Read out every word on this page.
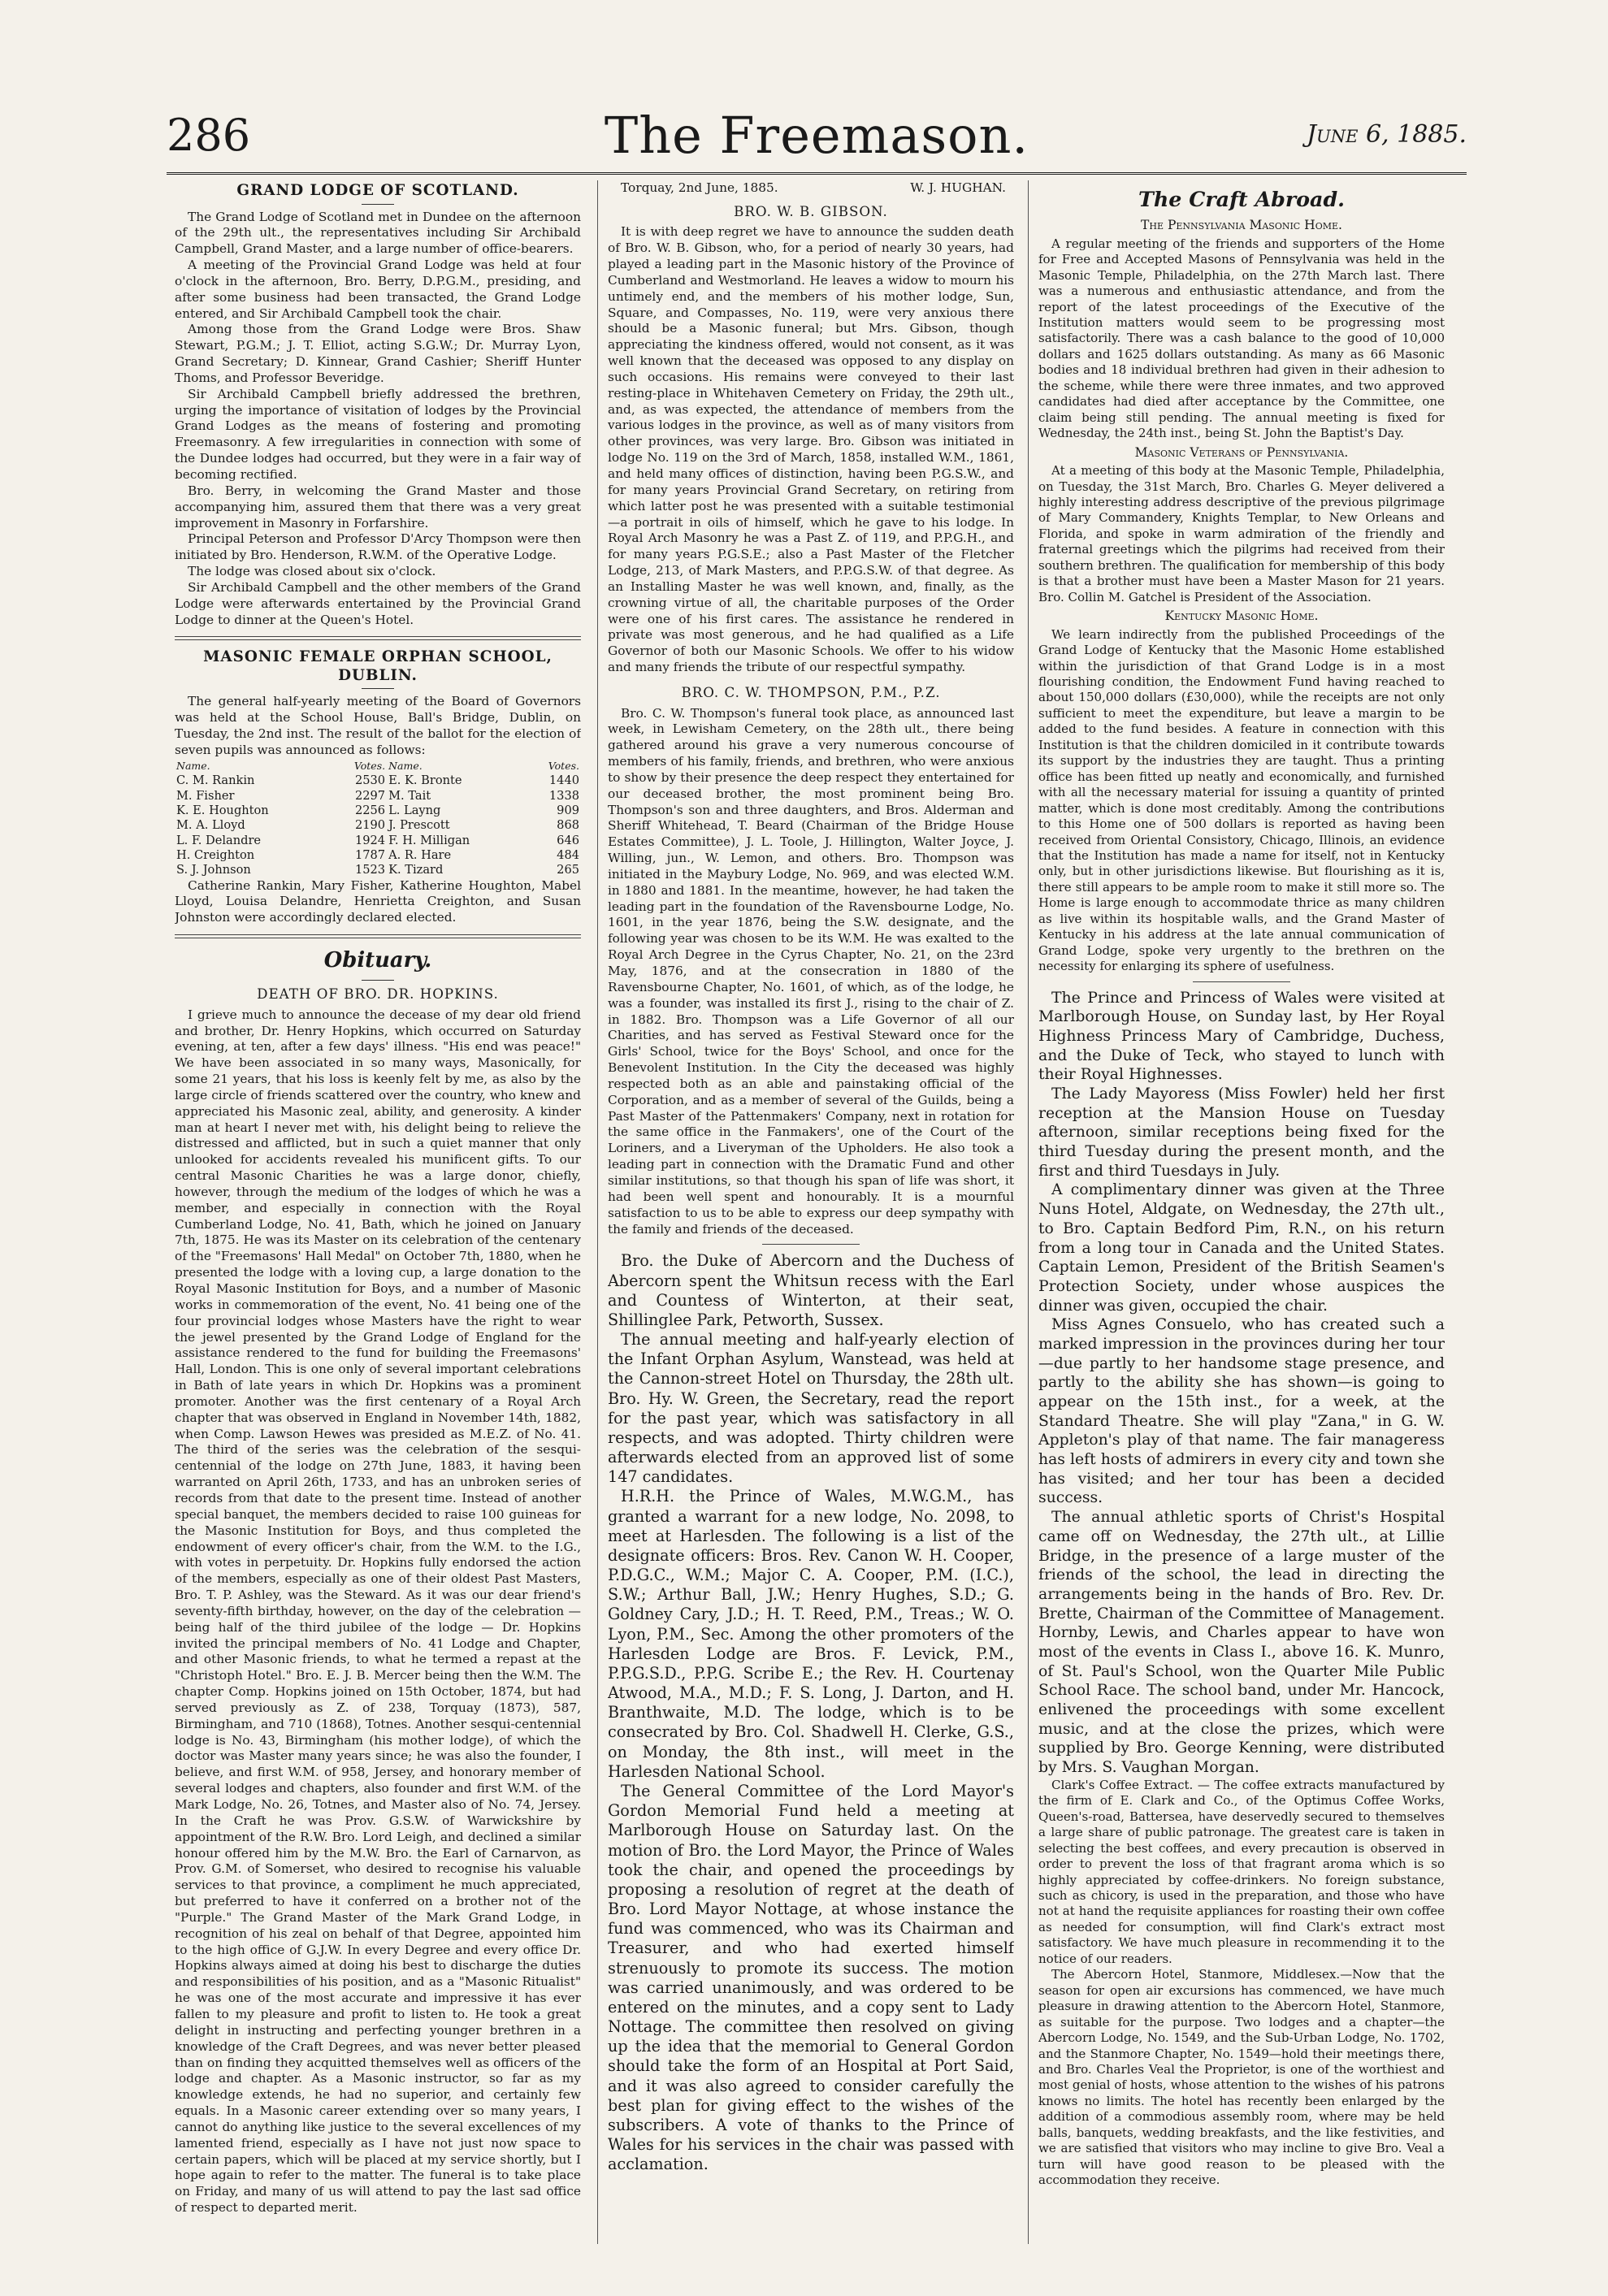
286	The Freemason.	June 6, 1885.
GRAND LODGE OF SCOTLAND.

The Grand Lodge of Scotland met in Dundee on the afternoon of the 29th ult., the representatives including Sir Archibald Campbell, Grand Master, and a large number of office-bearers.

A meeting of the Provincial Grand Lodge was held at four o'clock in the afternoon, Bro. Berry, D.P.G.M., presiding, and after some business had been transacted, the Grand Lodge entered, and Sir Archibald Campbell took the chair.

Among those from the Grand Lodge were Bros. Shaw Stewart, P.G.M.; J. T. Elliot, acting S.G.W.; Dr. Murray Lyon, Grand Secretary; D. Kinnear, Grand Cashier; Sheriff Hunter Thoms, and Professor Beveridge.

Sir Archibald Campbell briefly addressed the brethren, urging the importance of visitation of lodges by the Provincial Grand Lodges as the means of fostering and promoting Freemasonry. A few irregularities in connection with some of the Dundee lodges had occurred, but they were in a fair way of becoming rectified.

Bro. Berry, in welcoming the Grand Master and those accompanying him, assured them that there was a very great improvement in Masonry in Forfarshire.

Principal Peterson and Professor D'Arcy Thompson were then initiated by Bro. Henderson, R.W.M. of the Operative Lodge.

The lodge was closed about six o'clock.

Sir Archibald Campbell and the other members of the Grand Lodge were afterwards entertained by the Provincial Grand Lodge to dinner at the Queen's Hotel.

MASONIC FEMALE ORPHAN SCHOOL, DUBLIN.

The general half-yearly meeting of the Board of Governors was held at the School House, Ball's Bridge, Dublin, on Tuesday, the 2nd inst. The result of the ballot for the election of seven pupils was announced as follows:

Name.	Votes.	Name.	Votes.
C. M. Rankin	2530	E. K. Bronte	1440
M. Fisher	2297	M. Tait	1338
K. E. Houghton	2256	L. Layng	909
M. A. Lloyd	2190	J. Prescott	868
L. F. Delandre	1924	F. H. Milligan	646
H. Creighton	1787	A. R. Hare	484
S. J. Johnson	1523	K. Tizard	265

Catherine Rankin, Mary Fisher, Katherine Houghton, Mabel Lloyd, Louisa Delandre, Henrietta Creighton, and Susan Johnston were accordingly declared elected.

Obituary.
DEATH OF BRO. DR. HOPKINS.

I grieve much to announce the decease of my dear old friend and brother, Dr. Henry Hopkins, which occurred on Saturday evening, at ten, after a few days' illness. "His end was peace!" We have been associated in so many ways, Masonically, for some 21 years, that his loss is keenly felt by me, as also by the large circle of friends scattered over the country, who knew and appreciated his Masonic zeal, ability, and generosity. A kinder man at heart I never met with, his delight being to relieve the distressed and afflicted, but in such a quiet manner that only unlooked for accidents revealed his munificent gifts. To our central Masonic Charities he was a large donor, chiefly, however, through the medium of the lodges of which he was a member, and especially in connection with the Royal Cumberland Lodge, No. 41, Bath, which he joined on January 7th, 1875. He was its Master on its celebration of the centenary of the "Freemasons' Hall Medal" on October 7th, 1880, when he presented the lodge with a loving cup, a large donation to the Royal Masonic Institution for Boys, and a number of Masonic works in commemoration of the event, No. 41 being one of the four provincial lodges whose Masters have the right to wear the jewel presented by the Grand Lodge of England for the assistance rendered to the fund for building the Freemasons' Hall, London. This is one only of several important celebrations in Bath of late years in which Dr. Hopkins was a prominent promoter. Another was the first centenary of a Royal Arch chapter that was observed in England in November 14th, 1882, when Comp. Lawson Hewes was presided as M.E.Z. of No. 41. The third of the series was the celebration of the sesqui-centennial of the lodge on 27th June, 1883, it having been warranted on April 26th, 1733, and has an unbroken series of records from that date to the present time. Instead of another special banquet, the members decided to raise 100 guineas for the Masonic Institution for Boys, and thus completed the endowment of every officer's chair, from the W.M. to the I.G., with votes in perpetuity. Dr. Hopkins fully endorsed the action of the members, especially as one of their oldest Past Masters, Bro. T. P. Ashley, was the Steward. As it was our dear friend's seventy-fifth birthday, however, on the day of the celebration — being half of the third jubilee of the lodge — Dr. Hopkins invited the principal members of No. 41 Lodge and Chapter, and other Masonic friends, to what he termed a repast at the "Christoph Hotel." Bro. E. J. B. Mercer being then the W.M. The chapter Comp. Hopkins joined on 15th October, 1874, but had served previously as Z. of 238, Torquay (1873), 587, Birmingham, and 710 (1868), Totnes. Another sesqui-centennial lodge is No. 43, Birmingham (his mother lodge), of which the doctor was Master many years since; he was also the founder, I believe, and first W.M. of 958, Jersey, and honorary member of several lodges and chapters, also founder and first W.M. of the Mark Lodge, No. 26, Totnes, and Master also of No. 74, Jersey. In the Craft he was Prov. G.S.W. of Warwickshire by appointment of the R.W. Bro. Lord Leigh, and declined a similar honour offered him by the M.W. Bro. the Earl of Carnarvon, as Prov. G.M. of Somerset, who desired to recognise his valuable services to that province, a compliment he much appreciated, but preferred to have it conferred on a brother not of the "Purple." The Grand Master of the Mark Grand Lodge, in recognition of his zeal on behalf of that Degree, appointed him to the high office of G.J.W. In every Degree and every office Dr. Hopkins always aimed at doing his best to discharge the duties and responsibilities of his position, and as a "Masonic Ritualist" he was one of the most accurate and impressive it has ever fallen to my pleasure and profit to listen to. He took a great delight in instructing and perfecting younger brethren in a knowledge of the Craft Degrees, and was never better pleased than on finding they acquitted themselves well as officers of the lodge and chapter. As a Masonic instructor, so far as my knowledge extends, he had no superior, and certainly few equals. In a Masonic career extending over so many years, I cannot do anything like justice to the several excellences of my lamented friend, especially as I have not just now space to certain papers, which will be placed at my service shortly, but I hope again to refer to the matter. The funeral is to take place on Friday, and many of us will attend to pay the last sad office of respect to departed merit.

Torquay, 2nd June, 1885.	W. J. HUGHAN.
BRO. W. B. GIBSON.

It is with deep regret we have to announce the sudden death of Bro. W. B. Gibson, who, for a period of nearly 30 years, had played a leading part in the Masonic history of the Province of Cumberland and Westmorland. He leaves a widow to mourn his untimely end, and the members of his mother lodge, Sun, Square, and Compasses, No. 119, were very anxious there should be a Masonic funeral; but Mrs. Gibson, though appreciating the kindness offered, would not consent, as it was well known that the deceased was opposed to any display on such occasions. His remains were conveyed to their last resting-place in Whitehaven Cemetery on Friday, the 29th ult., and, as was expected, the attendance of members from the various lodges in the province, as well as of many visitors from other provinces, was very large. Bro. Gibson was initiated in lodge No. 119 on the 3rd of March, 1858, installed W.M., 1861, and held many offices of distinction, having been P.G.S.W., and for many years Provincial Grand Secretary, on retiring from which latter post he was presented with a suitable testimonial—a portrait in oils of himself, which he gave to his lodge. In Royal Arch Masonry he was a Past Z. of 119, and P.P.G.H., and for many years P.G.S.E.; also a Past Master of the Fletcher Lodge, 213, of Mark Masters, and P.P.G.S.W. of that degree. As an Installing Master he was well known, and, finally, as the crowning virtue of all, the charitable purposes of the Order were one of his first cares. The assistance he rendered in private was most generous, and he had qualified as a Life Governor of both our Masonic Schools. We offer to his widow and many friends the tribute of our respectful sympathy.

BRO. C. W. THOMPSON, P.M., P.Z.

Bro. C. W. Thompson's funeral took place, as announced last week, in Lewisham Cemetery, on the 28th ult., there being gathered around his grave a very numerous concourse of members of his family, friends, and brethren, who were anxious to show by their presence the deep respect they entertained for our deceased brother, the most prominent being Bro. Thompson's son and three daughters, and Bros. Alderman and Sheriff Whitehead, T. Beard (Chairman of the Bridge House Estates Committee), J. L. Toole, J. Hillington, Walter Joyce, J. Willing, jun., W. Lemon, and others. Bro. Thompson was initiated in the Maybury Lodge, No. 969, and was elected W.M. in 1880 and 1881. In the meantime, however, he had taken the leading part in the foundation of the Ravensbourne Lodge, No. 1601, in the year 1876, being the S.W. designate, and the following year was chosen to be its W.M. He was exalted to the Royal Arch Degree in the Cyrus Chapter, No. 21, on the 23rd May, 1876, and at the consecration in 1880 of the Ravensbourne Chapter, No. 1601, of which, as of the lodge, he was a founder, was installed its first J., rising to the chair of Z. in 1882. Bro. Thompson was a Life Governor of all our Charities, and has served as Festival Steward once for the Girls' School, twice for the Boys' School, and once for the Benevolent Institution. In the City the deceased was highly respected both as an able and painstaking official of the Corporation, and as a member of several of the Guilds, being a Past Master of the Pattenmakers' Company, next in rotation for the same office in the Fanmakers', one of the Court of the Loriners, and a Liveryman of the Upholders. He also took a leading part in connection with the Dramatic Fund and other similar institutions, so that though his span of life was short, it had been well spent and honourably. It is a mournful satisfaction to us to be able to express our deep sympathy with the family and friends of the deceased.

Bro. the Duke of Abercorn and the Duchess of Abercorn spent the Whitsun recess with the Earl and Countess of Winterton, at their seat, Shillinglee Park, Petworth, Sussex.

The annual meeting and half-yearly election of the Infant Orphan Asylum, Wanstead, was held at the Cannon-street Hotel on Thursday, the 28th ult. Bro. Hy. W. Green, the Secretary, read the report for the past year, which was satisfactory in all respects, and was adopted. Thirty children were afterwards elected from an approved list of some 147 candidates.

H.R.H. the Prince of Wales, M.W.G.M., has granted a warrant for a new lodge, No. 2098, to meet at Harlesden. The following is a list of the designate officers: Bros. Rev. Canon W. H. Cooper, P.D.G.C., W.M.; Major C. A. Cooper, P.M. (I.C.), S.W.; Arthur Ball, J.W.; Henry Hughes, S.D.; G. Goldney Cary, J.D.; H. T. Reed, P.M., Treas.; W. O. Lyon, P.M., Sec. Among the other promoters of the Harlesden Lodge are Bros. F. Levick, P.M., P.P.G.S.D., P.P.G. Scribe E.; the Rev. H. Courtenay Atwood, M.A., M.D.; F. S. Long, J. Darton, and H. Branthwaite, M.D. The lodge, which is to be consecrated by Bro. Col. Shadwell H. Clerke, G.S., on Monday, the 8th inst., will meet in the Harlesden National School.

The General Committee of the Lord Mayor's Gordon Memorial Fund held a meeting at Marlborough House on Saturday last. On the motion of Bro. the Lord Mayor, the Prince of Wales took the chair, and opened the proceedings by proposing a resolution of regret at the death of Bro. Lord Mayor Nottage, at whose instance the fund was commenced, who was its Chairman and Treasurer, and who had exerted himself strenuously to promote its success. The motion was carried unanimously, and was ordered to be entered on the minutes, and a copy sent to Lady Nottage. The committee then resolved on giving up the idea that the memorial to General Gordon should take the form of an Hospital at Port Said, and it was also agreed to consider carefully the best plan for giving effect to the wishes of the subscribers. A vote of thanks to the Prince of Wales for his services in the chair was passed with acclamation.

The Craft Abroad.
The Pennsylvania Masonic Home.

A regular meeting of the friends and supporters of the Home for Free and Accepted Masons of Pennsylvania was held in the Masonic Temple, Philadelphia, on the 27th March last. There was a numerous and enthusiastic attendance, and from the report of the latest proceedings of the Executive of the Institution matters would seem to be progressing most satisfactorily. There was a cash balance to the good of 10,000 dollars and 1625 dollars outstanding. As many as 66 Masonic bodies and 18 individual brethren had given in their adhesion to the scheme, while there were three inmates, and two approved candidates had died after acceptance by the Committee, one claim being still pending. The annual meeting is fixed for Wednesday, the 24th inst., being St. John the Baptist's Day.

Masonic Veterans of Pennsylvania.

At a meeting of this body at the Masonic Temple, Philadelphia, on Tuesday, the 31st March, Bro. Charles G. Meyer delivered a highly interesting address descriptive of the previous pilgrimage of Mary Commandery, Knights Templar, to New Orleans and Florida, and spoke in warm admiration of the friendly and fraternal greetings which the pilgrims had received from their southern brethren. The qualification for membership of this body is that a brother must have been a Master Mason for 21 years. Bro. Collin M. Gatchel is President of the Association.

Kentucky Masonic Home.

We learn indirectly from the published Proceedings of the Grand Lodge of Kentucky that the Masonic Home established within the jurisdiction of that Grand Lodge is in a most flourishing condition, the Endowment Fund having reached to about 150,000 dollars (£30,000), while the receipts are not only sufficient to meet the expenditure, but leave a margin to be added to the fund besides. A feature in connection with this Institution is that the children domiciled in it contribute towards its support by the industries they are taught. Thus a printing office has been fitted up neatly and economically, and furnished with all the necessary material for issuing a quantity of printed matter, which is done most creditably. Among the contributions to this Home one of 500 dollars is reported as having been received from Oriental Consistory, Chicago, Illinois, an evidence that the Institution has made a name for itself, not in Kentucky only, but in other jurisdictions likewise. But flourishing as it is, there still appears to be ample room to make it still more so. The Home is large enough to accommodate thrice as many children as live within its hospitable walls, and the Grand Master of Kentucky in his address at the late annual communication of Grand Lodge, spoke very urgently to the brethren on the necessity for enlarging its sphere of usefulness.

The Prince and Princess of Wales were visited at Marlborough House, on Sunday last, by Her Royal Highness Princess Mary of Cambridge, Duchess, and the Duke of Teck, who stayed to lunch with their Royal Highnesses.

The Lady Mayoress (Miss Fowler) held her first reception at the Mansion House on Tuesday afternoon, similar receptions being fixed for the third Tuesday during the present month, and the first and third Tuesdays in July.

A complimentary dinner was given at the Three Nuns Hotel, Aldgate, on Wednesday, the 27th ult., to Bro. Captain Bedford Pim, R.N., on his return from a long tour in Canada and the United States. Captain Lemon, President of the British Seamen's Protection Society, under whose auspices the dinner was given, occupied the chair.

Miss Agnes Consuelo, who has created such a marked impression in the provinces during her tour—due partly to her handsome stage presence, and partly to the ability she has shown—is going to appear on the 15th inst., for a week, at the Standard Theatre. She will play "Zana," in G. W. Appleton's play of that name. The fair manageress has left hosts of admirers in every city and town she has visited; and her tour has been a decided success.

The annual athletic sports of Christ's Hospital came off on Wednesday, the 27th ult., at Lillie Bridge, in the presence of a large muster of the friends of the school, the lead in directing the arrangements being in the hands of Bro. Rev. Dr. Brette, Chairman of the Committee of Management. Hornby, Lewis, and Charles appear to have won most of the events in Class I., above 16. K. Munro, of St. Paul's School, won the Quarter Mile Public School Race. The school band, under Mr. Hancock, enlivened the proceedings with some excellent music, and at the close the prizes, which were supplied by Bro. George Kenning, were distributed by Mrs. S. Vaughan Morgan.

Clark's Coffee Extract. — The coffee extracts manufactured by the firm of E. Clark and Co., of the Optimus Coffee Works, Queen's-road, Battersea, have deservedly secured to themselves a large share of public patronage. The greatest care is taken in selecting the best coffees, and every precaution is observed in order to prevent the loss of that fragrant aroma which is so highly appreciated by coffee-drinkers. No foreign substance, such as chicory, is used in the preparation, and those who have not at hand the requisite appliances for roasting their own coffee as needed for consumption, will find Clark's extract most satisfactory. We have much pleasure in recommending it to the notice of our readers.

The Abercorn Hotel, Stanmore, Middlesex.—Now that the season for open air excursions has commenced, we have much pleasure in drawing attention to the Abercorn Hotel, Stanmore, as suitable for the purpose. Two lodges and a chapter—the Abercorn Lodge, No. 1549, and the Sub-Urban Lodge, No. 1702, and the Stanmore Chapter, No. 1549—hold their meetings there, and Bro. Charles Veal the Proprietor, is one of the worthiest and most genial of hosts, whose attention to the wishes of his patrons knows no limits. The hotel has recently been enlarged by the addition of a commodious assembly room, where may be held balls, banquets, wedding breakfasts, and the like festivities, and we are satisfied that visitors who may incline to give Bro. Veal a turn will have good reason to be pleased with the accommodation they receive.
